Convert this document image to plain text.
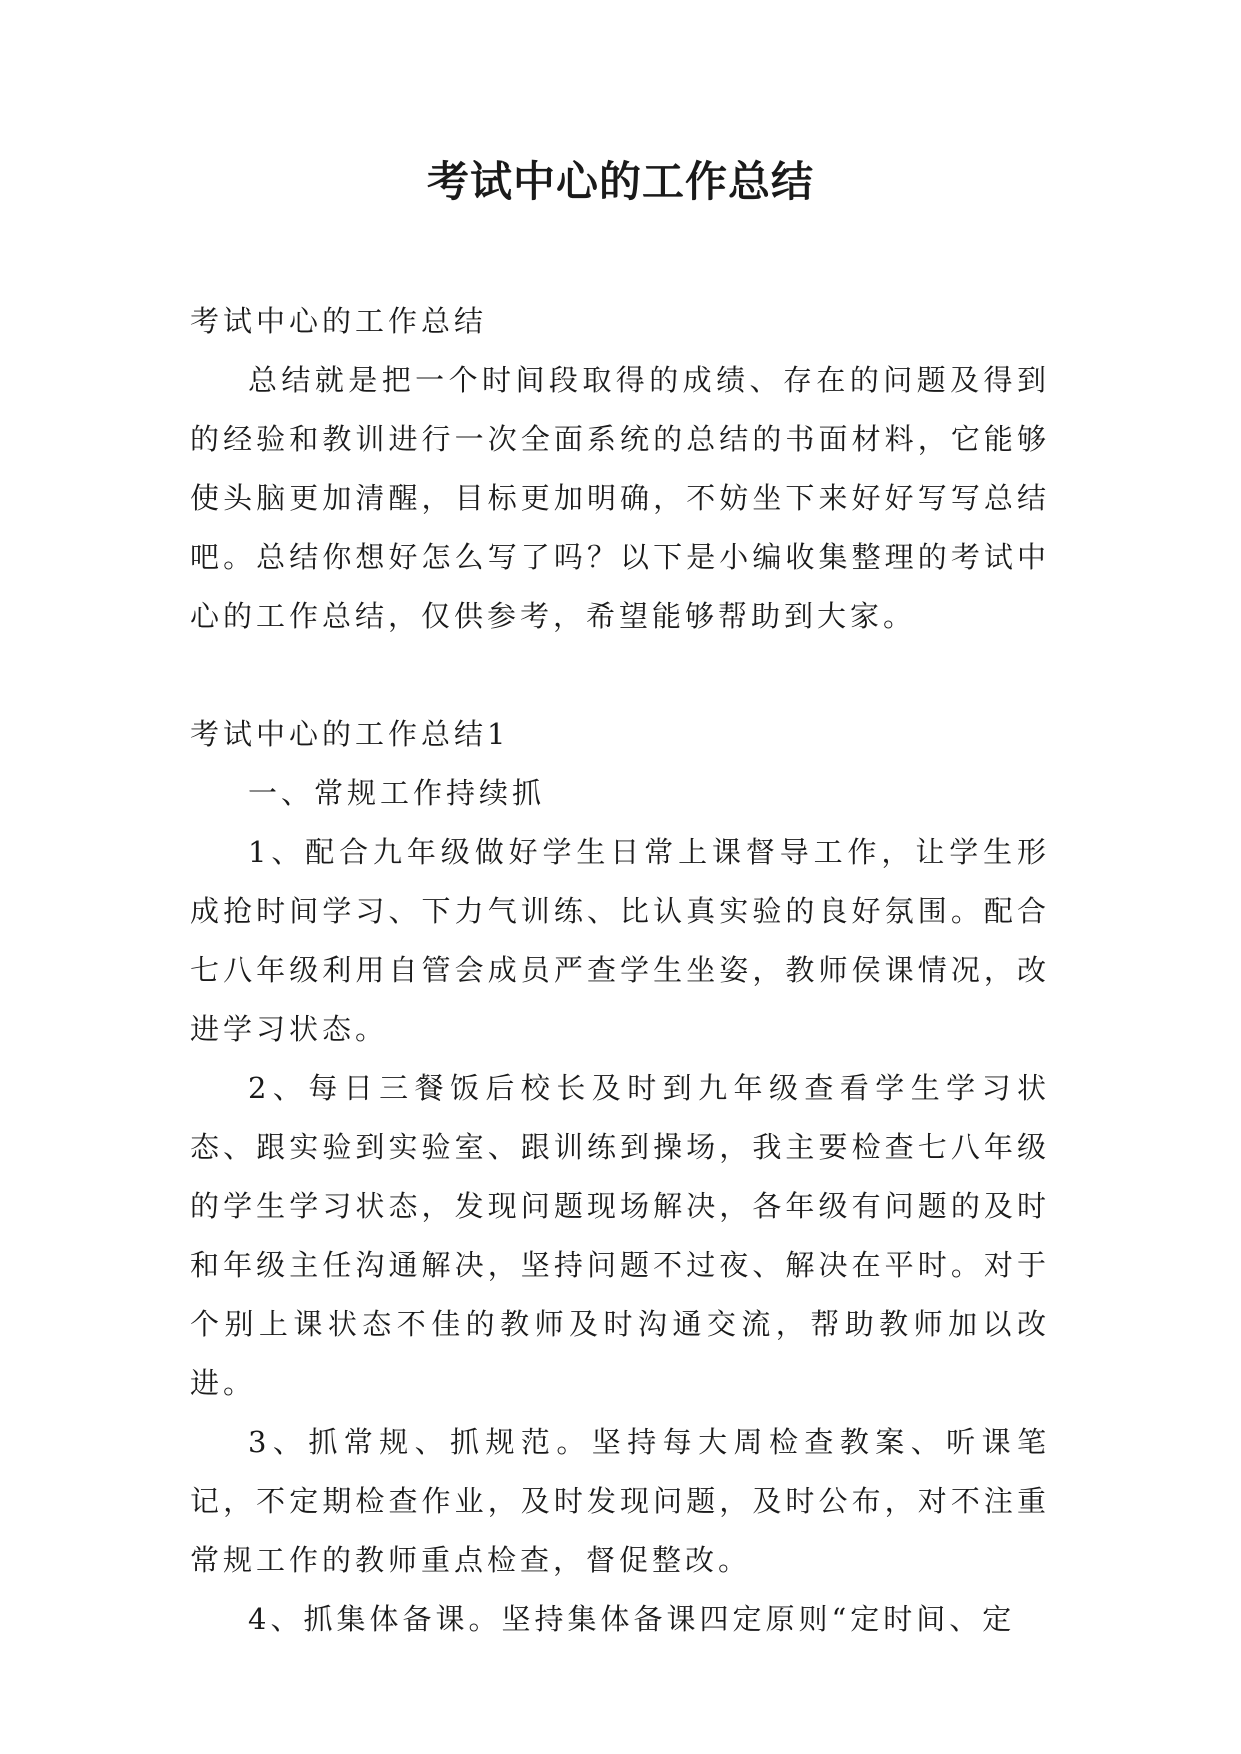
考试中心的工作总结

考试中心的工作总结

总结就是把一个时间段取得的成绩、存在的问题及得到的经验和教训进行一次全面系统的总结的书面材料，它能够使头脑更加清醒，目标更加明确，不妨坐下来好好写写总结吧。总结你想好怎么写了吗？以下是小编收集整理的考试中心的工作总结，仅供参考，希望能够帮助到大家。

考试中心的工作总结1

一、常规工作持续抓

1、配合九年级做好学生日常上课督导工作，让学生形成抢时间学习、下力气训练、比认真实验的良好氛围。配合七八年级利用自管会成员严查学生坐姿，教师侯课情况，改进学习状态。

2、每日三餐饭后校长及时到九年级查看学生学习状态、跟实验到实验室、跟训练到操场，我主要检查七八年级的学生学习状态，发现问题现场解决，各年级有问题的及时和年级主任沟通解决，坚持问题不过夜、解决在平时。对于个别上课状态不佳的教师及时沟通交流，帮助教师加以改进。

3、抓常规、抓规范。坚持每大周检查教案、听课笔记，不定期检查作业，及时发现问题，及时公布，对不注重常规工作的教师重点检查，督促整改。

4、抓集体备课。坚持集体备课四定原则“定时间、定
